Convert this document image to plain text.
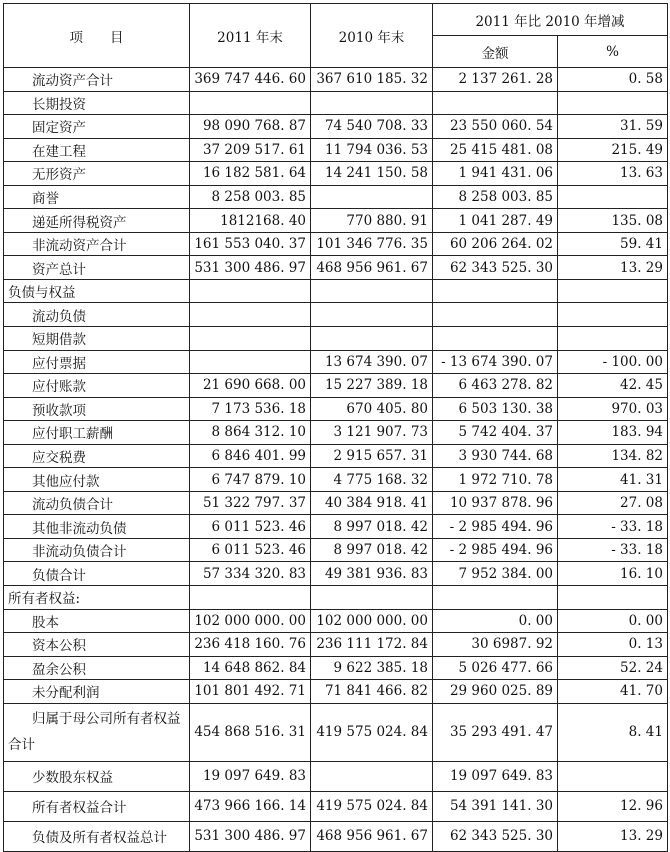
项　　目	2011 年末	2010 年末	2011 年比 2010 年增减	
			金额	%
流动资产合计	369 747 446. 60	367 610 185. 32	2 137 261. 28	0. 58
长期投资				
固定资产	98 090 768. 87	74 540 708. 33	23 550 060. 54	31. 59
在建工程	37 209 517. 61	11 794 036. 53	25 415 481. 08	215. 49
无形资产	16 182 581. 64	14 241 150. 58	1 941 431. 06	13. 63
商誉	8 258 003. 85		8 258 003. 85	
递延所得税资产	1812168. 40	770 880. 91	1 041 287. 49	135. 08
非流动资产合计	161 553 040. 37	101 346 776. 35	60 206 264. 02	59. 41
资产总计	531 300 486. 97	468 956 961. 67	62 343 525. 30	13. 29
负债与权益				
流动负债				
短期借款				
应付票据		13 674 390. 07	- 13 674 390. 07	- 100. 00
应付账款	21 690 668. 00	15 227 389. 18	6 463 278. 82	42. 45
预收款项	7 173 536. 18	670 405. 80	6 503 130. 38	970. 03
应付职工薪酬	8 864 312. 10	3 121 907. 73	5 742 404. 37	183. 94
应交税费	6 846 401. 99	2 915 657. 31	3 930 744. 68	134. 82
其他应付款	6 747 879. 10	4 775 168. 32	1 972 710. 78	41. 31
流动负债合计	51 322 797. 37	40 384 918. 41	10 937 878. 96	27. 08
其他非流动负债	6 011 523. 46	8 997 018. 42	- 2 985 494. 96	- 33. 18
非流动负债合计	6 011 523. 46	8 997 018. 42	- 2 985 494. 96	- 33. 18
负债合计	57 334 320. 83	49 381 936. 83	7 952 384. 00	16. 10
所有者权益:				
股本	102 000 000. 00	102 000 000. 00	0. 00	0. 00
资本公积	236 418 160. 76	236 111 172. 84	30 6987. 92	0. 13
盈余公积	14 648 862. 84	9 622 385. 18	5 026 477. 66	52. 24
未分配利润	101 801 492. 71	71 841 466. 82	29 960 025. 89	41. 70
归属于母公司所有者权益合计	454 868 516. 31	419 575 024. 84	35 293 491. 47	8. 41
少数股东权益	19 097 649. 83		19 097 649. 83	
所有者权益合计	473 966 166. 14	419 575 024. 84	54 391 141. 30	12. 96
负债及所有者权益总计	531 300 486. 97	468 956 961. 67	62 343 525. 30	13. 29
